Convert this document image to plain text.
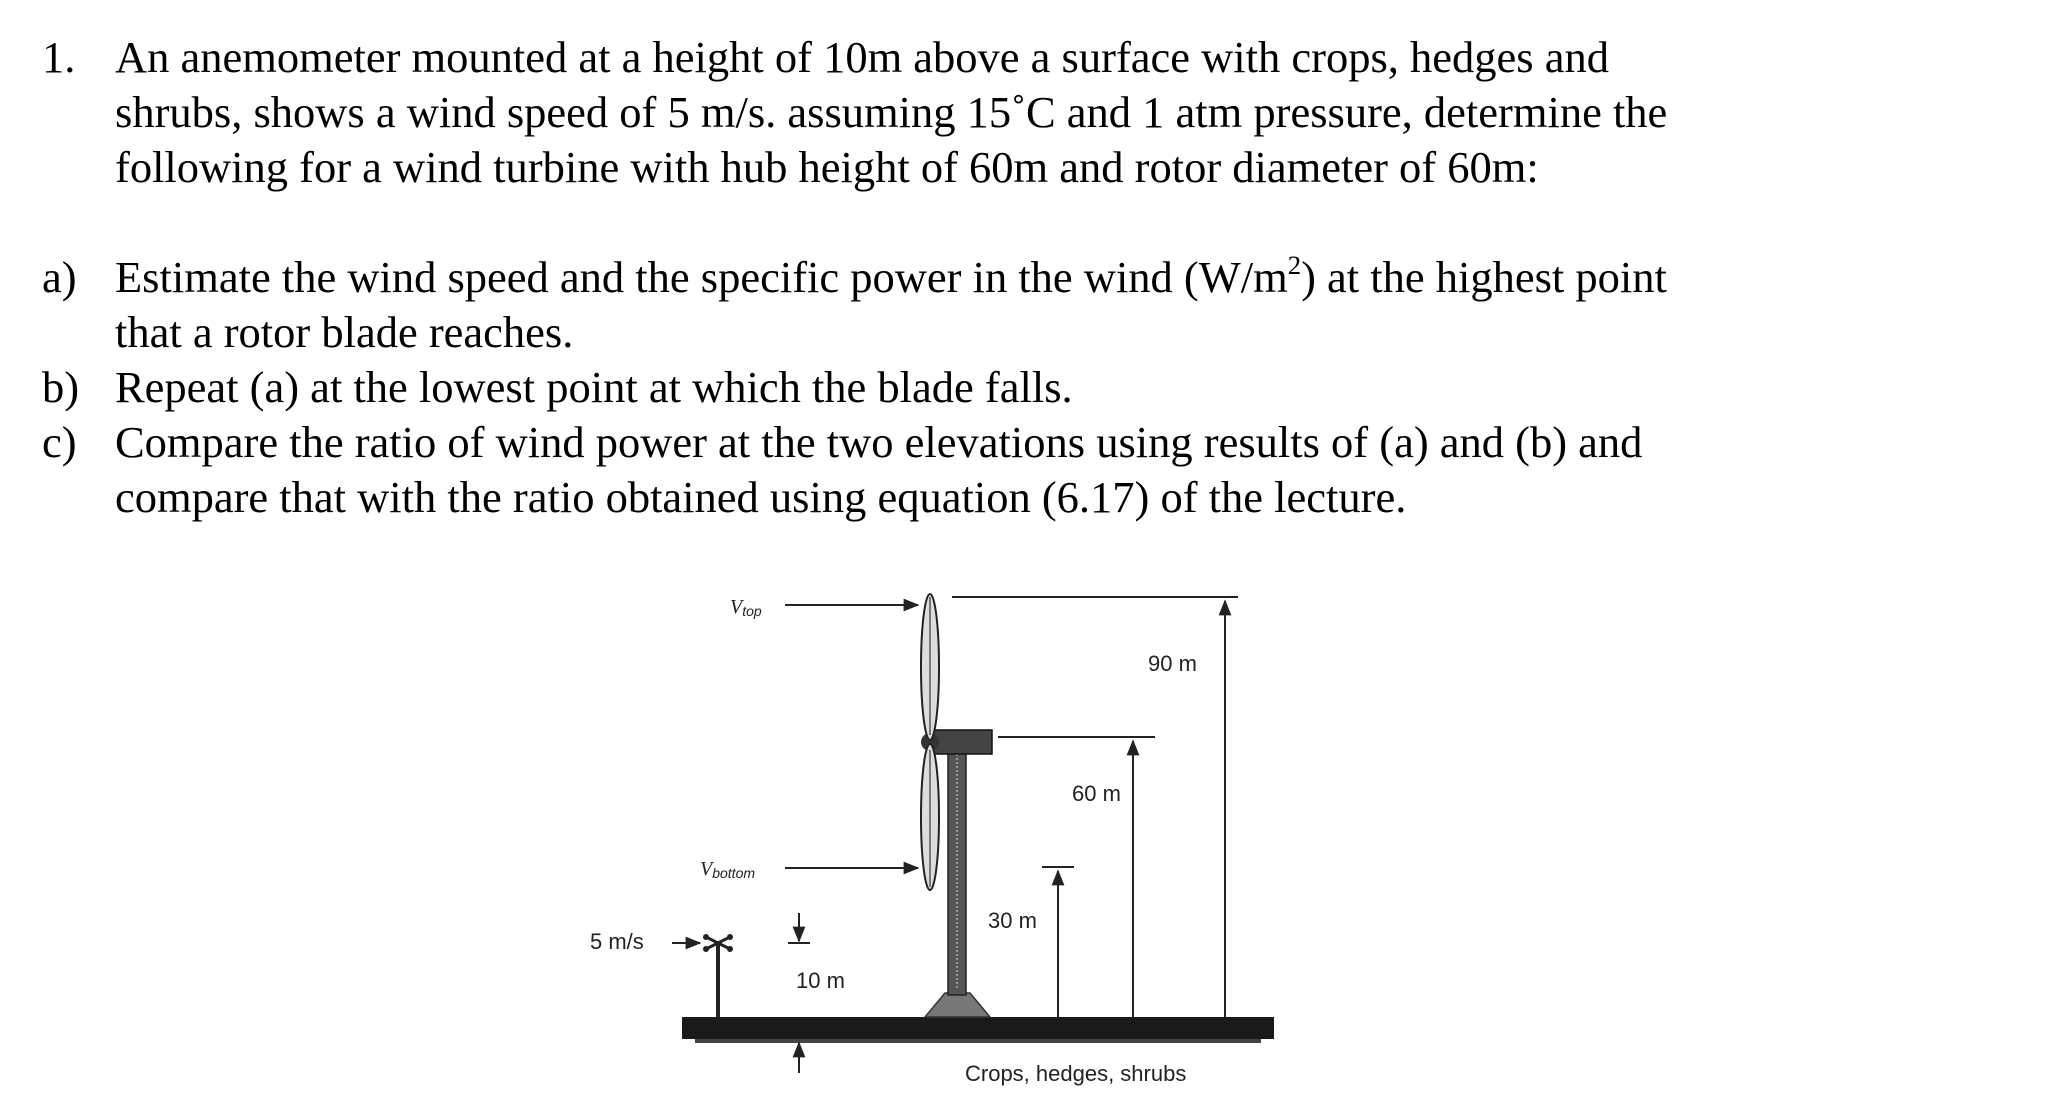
1. An anemometer mounted at a height of 10m above a surface with crops, hedges and
shrubs, shows a wind speed of 5 m/s. assuming 15˚C and 1 atm pressure, determine the
following for a wind turbine with hub height of 60m and rotor diameter of 60m:
a) Estimate the wind speed and the specific power in the wind $(W/m^2)$ at the highest point
that a rotor blade reaches.
b) Repeat (a) at the lowest point at which the blade falls.
c) Compare the ratio of wind power at the two elevations using results of (a) and (b) and
compare that with the ratio obtained using equation (6.17) of the lecture.
Vtop
Vbottom
5 m/s
10 m
30 m
60 m
90 m
Crops, hedges, shrubs
